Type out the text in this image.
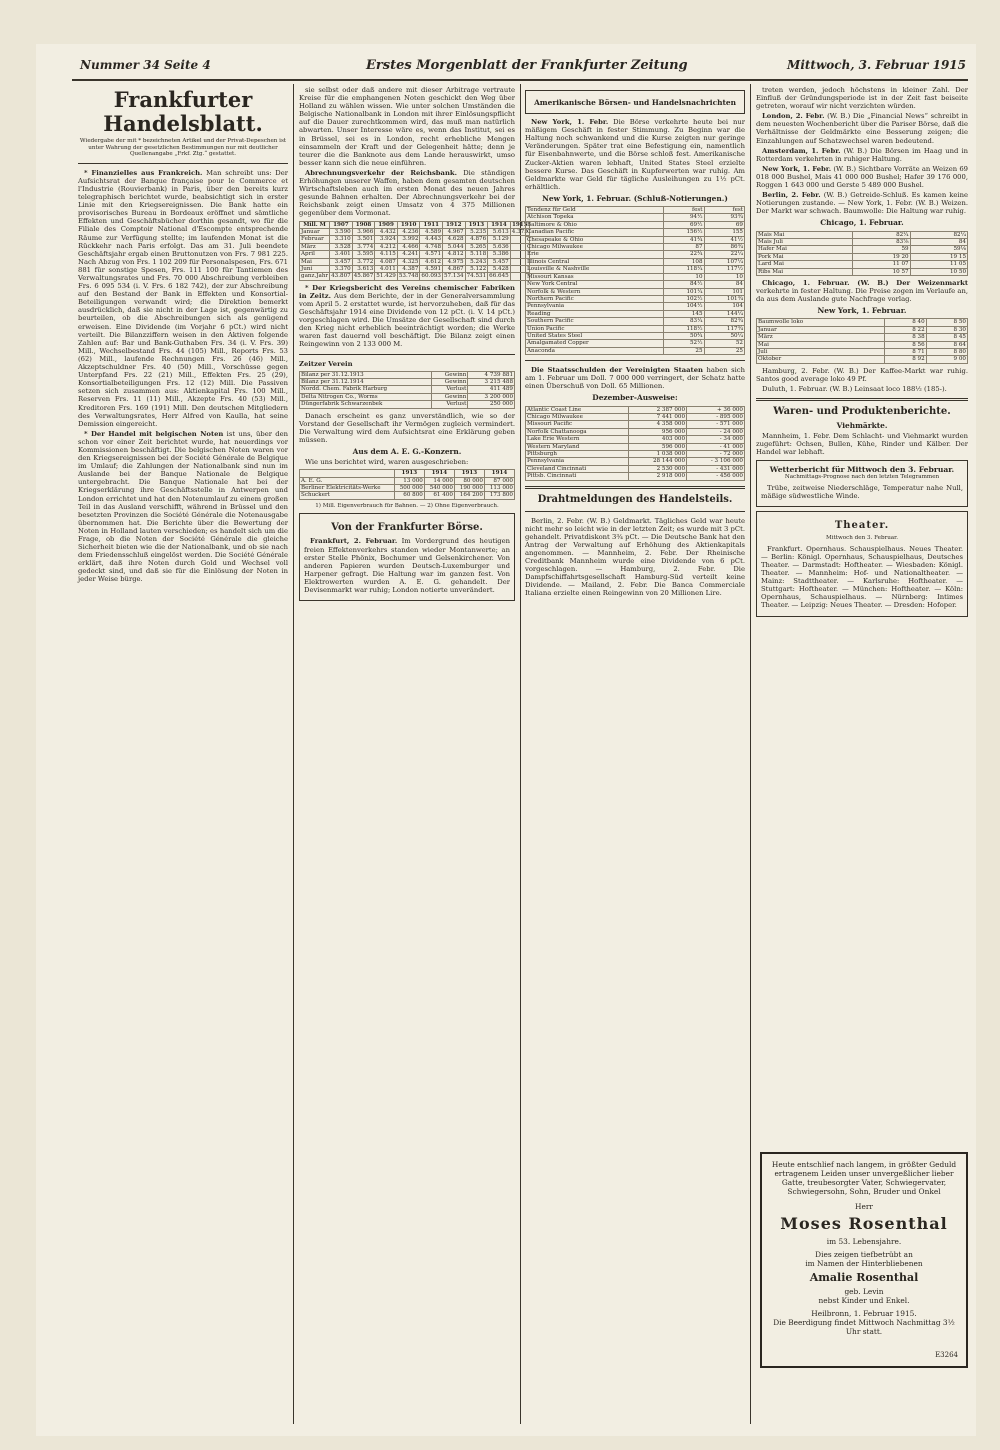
Nummer 34 Seite 4	Erstes Morgenblatt der Frankfurter Zeitung	Mittwoch, 3. Februar 1915
Frankfurter Handelsblatt.
Wiedergabe der mit * bezeichneten Artikel und der Privat-Depeschen ist unter Wahrung der gesetzlichen Bestimmungen nur mit deutlicher Quellenangabe „Frkf. Ztg.“ gestattet.

* Finanzielles aus Frankreich. Man schreibt uns: Der Aufsichtsrat der Banque française pour le Commerce et l'Industrie (Rouvierbank) in Paris, über den bereits kurz telegraphisch berichtet wurde, beabsichtigt sich in erster Linie mit den Kriegsereignissen. Die Bank hatte ein provisorisches Bureau in Bordeaux eröffnet und sämtliche Effekten und Geschäftsbücher dorthin gesandt, wo für die Filiale des Comptoir National d'Escompte entsprechende Räume zur Verfügung stellte; im laufenden Monat ist die Rückkehr nach Paris erfolgt. Das am 31. Juli beendete Geschäftsjahr ergab einen Bruttonutzen von Frs. 7 981 225. Nach Abzug von Frs. 1 102 209 für Personalspesen, Frs. 671 881 für sonstige Spesen, Frs. 111 100 für Tantiemen des Verwaltungsrates und Frs. 70 000 Abschreibung verbleiben Frs. 6 095 534 (i. V. Frs. 6 182 742), der zur Abschreibung auf den Bestand der Bank in Effekten und Konsortial-Beteiligungen verwandt wird; die Direktion bemerkt ausdrücklich, daß sie nicht in der Lage ist, gegenwärtig zu beurteilen, ob die Abschreibungen sich als genügend erweisen. Eine Dividende (im Vorjahr 6 pCt.) wird nicht verteilt. Die Bilanzziffern weisen in den Aktiven folgende Zahlen auf: Bar und Bank-Guthaben Frs. 34 (i. V. Frs. 39) Mill., Wechselbestand Frs. 44 (105) Mill., Reports Frs. 53 (62) Mill., laufende Rechnungen Frs. 26 (46) Mill., Akzeptschuldner Frs. 40 (50) Mill., Vorschüsse gegen Unterpfand Frs. 22 (21) Mill., Effekten Frs. 25 (29), Konsortialbeteiligungen Frs. 12 (12) Mill. Die Passiven setzen sich zusammen aus: Aktienkapital Frs. 100 Mill., Reserven Frs. 11 (11) Mill., Akzepte Frs. 40 (53) Mill., Kreditoren Frs. 169 (191) Mill. Den deutschen Mitgliedern des Verwaltungsrates, Herr Alfred von Kaulla, hat seine Demission eingereicht.

* Der Handel mit belgischen Noten ist uns, über den schon vor einer Zeit berichtet wurde, hat neuerdings vor Kommissionen beschäftigt. Die belgischen Noten waren vor den Kriegsereignissen bei der Société Générale de Belgique im Umlauf; die Zahlungen der Nationalbank sind nun im Auslande bei der Banque Nationale de Belgique untergebracht. Die Banque Nationale hat bei der Kriegserklärung ihre Geschäftsstelle in Antwerpen und London errichtet und hat den Notenumlauf zu einem großen Teil in das Ausland verschifft, während in Brüssel und den besetzten Provinzen die Société Générale die Notenausgabe übernommen hat. Die Berichte über die Bewertung der Noten in Holland lauten verschieden; es handelt sich um die Frage, ob die Noten der Société Générale die gleiche Sicherheit bieten wie die der Nationalbank, und ob sie nach dem Friedensschluß eingelöst werden. Die Société Générale erklärt, daß ihre Noten durch Gold und Wechsel voll gedeckt sind, und daß sie für die Einlösung der Noten in jeder Weise bürge.

sie selbst oder daß andere mit dieser Arbitrage vertraute Kreise für die emphangenen Noten geschickt den Weg über Holland zu wählen wissen. Wie unter solchen Umständen die Belgische Nationalbank in London mit ihrer Einlösungspflicht auf die Dauer zurechtkommen wird, das muß man natürlich abwarten. Unser Interesse wäre es, wenn das Institut, sei es in Brüssel, sei es in London, recht erhebliche Mengen einsammeln der Kraft und der Gelegenheit hätte; denn je teurer die die Banknote aus dem Lande herauswirkt, umso besser kann sich die neue einführen.

Abrechnungsverkehr der Reichsbank. Die ständigen Erhöhungen unserer Waffen, haben dem gesamten deutschen Wirtschaftsleben auch im ersten Monat des neuen Jahres gesunde Bahnen erhalten. Der Abrechnungsverkehr bei der Reichsbank zeigt einen Umsatz von 4 375 Millionen gegenüber dem Vormonat.

Mill. M	1907	1908	1909	1910	1911	1912	1913	1914	1915
Januar	3.590	3.966	4.432	4.236	4.589	4.967	5.235	5.613	4.375
Februar	3.310	3.501	3.924	3.992	4.443	4.628	4.876	5.129	
März	3.528	3.774	4.212	4.466	4.748	5.044	5.265	5.636	
April	3.401	3.595	4.115	4.241	4.571	4.812	5.118	5.386	
Mai	3.457	3.772	4.087	4.325	4.612	4.975	5.243	5.457	
Juni	3.370	3.613	4.011	4.387	4.591	4.867	5.122	5.428	
ganz.Jahr	43.807	45.867	51.429	53.748	60.093	57.134	74.531	66.645	

* Der Kriegsbericht des Vereins chemischer Fabriken in Zeitz. Aus dem Berichte, der in der Generalversammlung vom April 5. 2 erstattet wurde, ist hervorzuheben, daß für das Geschäftsjahr 1914 eine Dividende von 12 pCt. (i. V. 14 pCt.) vorgeschlagen wird. Die Umsätze der Gesellschaft sind durch den Krieg nicht erheblich beeinträchtigt worden; die Werke waren fast dauernd voll beschäftigt. Die Bilanz zeigt einen Reingewinn von 2 133 000 M.

Zeitzer Verein
Bilanz per 31.12.1913	Gewinn	4 739 881
Bilanz per 31.12.1914	Gewinn	3 215 488
Nordd. Chem. Fabrik Harburg	Verlust	411 489
Delta Nitrogen Co., Worms	Gewinn	3 200 000
Düngerfabrik Schwarzenbek	Verlust	250 000

Danach erscheint es ganz unverständlich, wie so der Vorstand der Gesellschaft ihr Vermögen zugleich vermindert. Die Verwaltung wird dem Aufsichtsrat eine Erklärung geben müssen.

Aus dem A. E. G.-Konzern.

Wie uns berichtet wird, waren ausgeschrieben:

	1913	1914	1913	1914
A. E. G.	13 000	14 000	80 000	87 000
Berliner Elektricitäts-Werke	500 000	540 000	190 000	113 000
Schuckert	60 800	61 400	164 200	173 800
1) Mill. Eigenverbrauch für Bahnen. — 2) Ohne Eigenverbrauch.
Von der Frankfurter Börse.

Frankfurt, 2. Februar. Im Vordergrund des heutigen freien Effektenverkehrs standen wieder Montanwerte; an erster Stelle Phönix, Bochumer und Gelsenkirchener. Von anderen Papieren wurden Deutsch-Luxemburger und Harpener gefragt. Die Haltung war im ganzen fest. Von Elektrowerten wurden A. E. G. gehandelt. Der Devisenmarkt war ruhig; London notierte unverändert.

Amerikanische Börsen- und Handelsnachrichten

New York, 1. Febr. Die Börse verkehrte heute bei nur mäßigem Geschäft in fester Stimmung. Zu Beginn war die Haltung noch schwankend und die Kurse zeigten nur geringe Veränderungen. Später trat eine Befestigung ein, namentlich für Eisenbahnwerte, und die Börse schloß fest. Amerikanische Zucker-Aktien waren lebhaft, United States Steel erzielte bessere Kurse. Das Geschäft in Kupferwerten war ruhig. Am Geldmarkte war Geld für tägliche Ausleihungen zu 1½ pCt. erhältlich.

New York, 1. Februar. (Schluß-Notierungen.)
Tendenz für Geld	fest	fest
Atchison Topeka	94½	93¾
Baltimore & Ohio	69½	69
Canadian Pacific	156½	155
Chesapeake & Ohio	41¾	41½
Chicago Milwaukee	87	86¾
Erie	22¾	22¼
Illinois Central	108	107¼
Louisville & Nashville	118¼	117½
Missouri Kansas	10	10
New York Central	84½	84
Norfolk & Western	101¼	101
Northern Pacific	102½	101¾
Pennsylvania	104½	104
Reading	145	144¼
Southern Pacific	83¼	82¾
Union Pacific	118½	117¾
United States Steel	50¾	50¼
Amalgamated Copper	52½	52
Anaconda	25	25

Die Staatsschulden der Vereinigten Staaten haben sich am 1. Februar um Doll. 7 000 000 verringert, der Schatz hatte einen Überschuß von Doll. 65 Millionen.

Dezember-Ausweise:
Atlantic Coast Line	2 387 000	+ 36 000
Chicago Milwaukee	7 441 000	- 895 000
Missouri Pacific	4 358 000	- 571 000
Norfolk Chattanooga	956 000	- 24 000
Lake Erie Western	403 000	- 34 000
Western Maryland	596 000	- 41 000
Pittsburgh	1 038 000	- 72 000
Pennsylvania	28 144 000	- 3 106 000
Cleveland Cincinnati	2 530 000	- 431 000
Pittsb. Cincinnati	2 918 000	- 456 000
Drahtmeldungen des Handelsteils.

Berlin, 2. Febr. (W. B.) Geldmarkt. Tägliches Geld war heute nicht mehr so leicht wie in der letzten Zeit; es wurde mit 3 pCt. gehandelt. Privatdiskont 3¾ pCt. — Die Deutsche Bank hat den Antrag der Verwaltung auf Erhöhung des Aktienkapitals angenommen. — Mannheim, 2. Febr. Der Rheinische Creditbank Mannheim wurde eine Dividende von 6 pCt. vorgeschlagen. — Hamburg, 2. Febr. Die Dampfschiffahrtsgesellschaft Hamburg-Süd verteilt keine Dividende. — Mailand, 2. Febr. Die Banca Commerciale Italiana erzielte einen Reingewinn von 20 Millionen Lire.

treten werden, jedoch höchstens in kleiner Zahl. Der Einfluß der Gründungsperiode ist in der Zeit fast beiseite getreten, worauf wir nicht verzichten würden.

London, 2. Febr. (W. B.) Die „Financial News“ schreibt in dem neuesten Wochenbericht über die Pariser Börse, daß die Verhältnisse der Geldmärkte eine Besserung zeigen; die Einzahlungen auf Schatzwechsel waren bedeutend.

Amsterdam, 1. Febr. (W. B.) Die Börsen im Haag und in Rotterdam verkehrten in ruhiger Haltung.

New York, 1. Febr. (W. B.) Sichtbare Vorräte an Weizen 69 018 000 Bushel, Mais 41 000 000 Bushel; Hafer 39 176 000, Roggen 1 643 000 und Gerste 5 489 000 Bushel.

Berlin, 2. Febr. (W. B.) Getreide-Schluß. Es kamen keine Notierungen zustande. — New York, 1. Febr. (W. B.) Weizen. Der Markt war schwach. Baumwolle: Die Haltung war ruhig.

Chicago, 1. Februar.
Mais Mai	82¼	82¼
Mais Juli	83⅞	84
Hafer Mai	59	59⅛
Pork Mai	19 20	19 15
Lard Mai	11 07	11 05
Ribs Mai	10 57	10 50

Chicago, 1. Februar. (W. B.) Der Weizenmarkt verkehrte in fester Haltung. Die Preise zogen im Verlaufe an, da aus dem Auslande gute Nachfrage vorlag.

New York, 1. Februar.
Baumwolle loko	8 40	8 50
Januar	8 22	8 30
März	8 38	8 45
Mai	8 56	8 64
Juli	8 71	8 80
Oktober	8 92	9 00

Hamburg, 2. Febr. (W. B.) Der Kaffee-Markt war ruhig. Santos good average loko 49 Pf.

Duluth, 1. Februar. (W. B.) Leinsaat loco 188½ (185-).

Waren- und Produktenberichte.
Viehmärkte.

Mannheim, 1. Febr. Dem Schlacht- und Viehmarkt wurden zugeführt: Ochsen, Bullen, Kühe, Rinder und Kälber. Der Handel war lebhaft.

Wetterbericht für Mittwoch den 3. Februar.
Nachmittags-Prognose nach den letzten Telegrammen

Trübe, zeitweise Niederschläge, Temperatur nahe Null, mäßige südwestliche Winde.

Theater.
Mittwoch den 3. Februar.

Frankfurt. Opernhaus. Schauspielhaus. Neues Theater. — Berlin: Königl. Opernhaus, Schauspielhaus, Deutsches Theater. — Darmstadt: Hoftheater. — Wiesbaden: Königl. Theater. — Mannheim: Hof- und Nationaltheater. — Mainz: Stadttheater. — Karlsruhe: Hoftheater. — Stuttgart: Hoftheater. — München: Hoftheater. — Köln: Opernhaus, Schauspielhaus. — Nürnberg: Intimes Theater. — Leipzig: Neues Theater. — Dresden: Hofoper.

Heute entschlief nach langem, in größter Geduld ertragenem Leiden unser unvergeßlicher lieber Gatte, treubesorgter Vater, Schwiegervater, Schwiegersohn, Sohn, Bruder und Onkel
Herr
Moses Rosenthal
im 53. Lebensjahre.
Dies zeigen tiefbetrübt an
im Namen der Hinterbliebenen
Amalie Rosenthal
geb. Levin
nebst Kinder und Enkel.
Heilbronn, 1. Februar 1915.
Die Beerdigung findet Mittwoch Nachmittag 3½ Uhr statt.
E3264
